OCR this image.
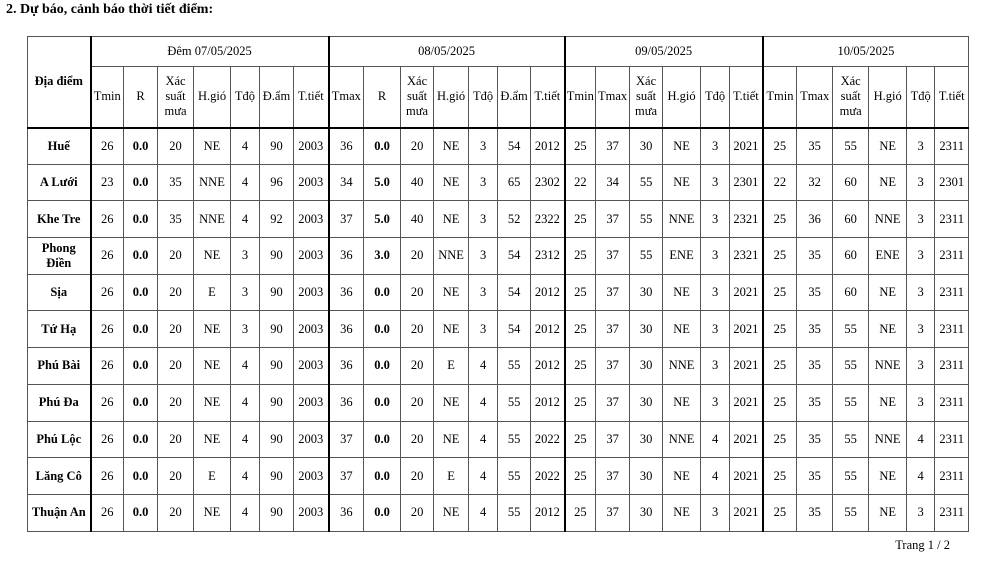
2. Dự báo, cảnh báo thời tiết điểm:
Địa điểm	Đêm 07/05/2025							08/05/2025							09/05/2025						10/05/2025					
	Tmin	R	Xác suất mưa	H.gió	Tđộ	Đ.ẩm	T.tiết	Tmax	R	Xác suất mưa	H.gió	Tđộ	Đ.ẩm	T.tiết	Tmin	Tmax	Xác suất mưa	H.gió	Tđộ	T.tiết	Tmin	Tmax	Xác suất mưa	H.gió	Tđộ	T.tiết
Huế	26	0.0	20	NE	4	90	2003	36	0.0	20	NE	3	54	2012	25	37	30	NE	3	2021	25	35	55	NE	3	2311
A Lưới	23	0.0	35	NNE	4	96	2003	34	5.0	40	NE	3	65	2302	22	34	55	NE	3	2301	22	32	60	NE	3	2301
Khe Tre	26	0.0	35	NNE	4	92	2003	37	5.0	40	NE	3	52	2322	25	37	55	NNE	3	2321	25	36	60	NNE	3	2311
Phong Điền	26	0.0	20	NE	3	90	2003	36	3.0	20	NNE	3	54	2312	25	37	55	ENE	3	2321	25	35	60	ENE	3	2311
Sịa	26	0.0	20	E	3	90	2003	36	0.0	20	NE	3	54	2012	25	37	30	NE	3	2021	25	35	60	NE	3	2311
Tứ Hạ	26	0.0	20	NE	3	90	2003	36	0.0	20	NE	3	54	2012	25	37	30	NE	3	2021	25	35	55	NE	3	2311
Phú Bài	26	0.0	20	NE	4	90	2003	36	0.0	20	E	4	55	2012	25	37	30	NNE	3	2021	25	35	55	NNE	3	2311
Phú Đa	26	0.0	20	NE	4	90	2003	36	0.0	20	NE	4	55	2012	25	37	30	NE	3	2021	25	35	55	NE	3	2311
Phú Lộc	26	0.0	20	NE	4	90	2003	37	0.0	20	NE	4	55	2022	25	37	30	NNE	4	2021	25	35	55	NNE	4	2311
Lăng Cô	26	0.0	20	E	4	90	2003	37	0.0	20	E	4	55	2022	25	37	30	NE	4	2021	25	35	55	NE	4	2311
Thuận An	26	0.0	20	NE	4	90	2003	36	0.0	20	NE	4	55	2012	25	37	30	NE	3	2021	25	35	55	NE	3	2311
Trang 1 / 2
